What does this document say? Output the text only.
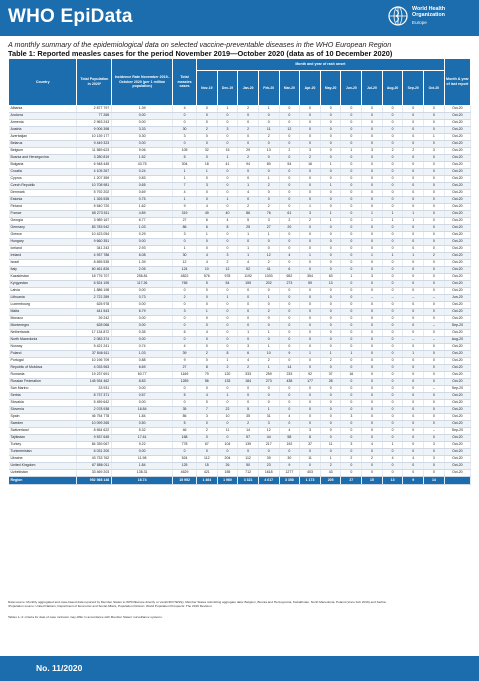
WHO EpiData	World Health
Organization
Europe
A monthly summary of the epidemiological data on selected vaccine-preventable diseases in the WHO European Region
Table 1: Reported measles cases for the period November 2019—October 2020 (data as of 10 December 2020)
Country	Total Population in 2020¹	Incidence Rate November 2019–October 2020 (per 1 million population)	Total measles cases	Month and year of rash onset												Month & year of last report
				Nov-19	Dec-19	Jan-20	Feb-20	Mar-20	Apr-20	May-20	Jun-20	Jul-20	Aug-20	Sep-20	Oct-20	
Albania	2 877 797	1.39	4	0	1	2	1	0	0	0	0	0	0	0	0	Oct-20
Andorra	77 265	0.00	0	0	0	0	0	0	0	0	0	0	0	0	0	Oct-20
Armenia	2 963 243	0.00	0	0	0	0	0	0	0	0	0	0	0	0	0	Oct-20
Austria	9 006 398	3.33	30	2	3	2	11	12	0	0	0	0	0	0	0	Oct-20
Azerbaijan	10 139 177	0.30	3	0	0	0	2	0	0	0	0	0	0	0	1	Oct-20
Belarus	9 449 323	0.00	0	0	0	0	0	0	0	0	0	0	0	0	0	Oct-20
Belgium	11 589 623	9.06	105	32	15	29	13	2	3	0	1	3	2	2	3	Oct-20
Bosnia and Herzegovina	3 280 819	1.52	5	0	1	2	0	0	2	0	0	0	0	0	0	Oct-20
Bulgaria	6 948 445	43.75	304	18	41	94	80	54	16	1	0	0	0	0	0	Oct-20
Croatia	4 105 267	0.24	1	1	0	0	0	0	0	0	0	0	0	0	0	Oct-20
Cyprus	1 207 359	0.83	1	0	0	0	1	0	0	0	0	0	0	0	0	Oct-20
Czech Republic	10 708 981	0.65	7	3	0	1	2	0	0	1	0	0	0	0	0	Oct-20
Denmark	5 792 202	0.69	4	0	0	4	0	0	0	0	0	0	0	0	0	Oct-20
Estonia	1 326 535	0.75	1	0	1	0	0	0	0	0	0	0	0	0	0	Oct-20
Finland	5 540 720	1.62	9	4	0	2	2	0	1	0	0	0	0	0	0	Oct-20
France	65 273 511	4.89	319	49	40	86	76	61	3	1	0	1	1	1	0	Oct-20
Georgia	3 989 167	6.77	27	6	4	5	3	2	2	1	0	1	1	1	0	Oct-20
Germany	83 783 942	1.03	86	6	8	25	27	20	0	0	0	0	0	0	0	Oct-20
Greece	10 423 054	0.29	3	1	0	1	1	0	0	0	0	0	0	0	0	Oct-20
Hungary	9 660 351	0.00	0	0	0	0	0	0	0	0	0	0	0	0	0	Oct-20
Iceland	341 243	2.93	1	0	0	1	0	0	0	0	0	0	0	0	0	Oct-20
Ireland	4 937 786	6.08	30	4	3	1	12	4	1	0	0	1	1	1	2	Oct-20
Israel	8 655 535	1.39	12	4	2	4	2	0	0	0	0	0	0	0	0	Oct-20
Italy	60 461 826	2.05	124	10	12	52	41	6	0	0	0	0	0	0	0	Oct-20
Kazakhstan	18 776 707	256.81	4822	576	978	1192	1003	652	354	63	1	3	0	0	0	Oct-20
Kyrgyzstan	6 524 195	117.26	765	5	54	159	202	273	59	13	0	0	0	0	0	Oct-20
Latvia	1 886 198	0.00	0	0	0	0	0	0	0	0	0	0	0	0	0	Oct-20
Lithuania	2 722 289	0.73	2	0	1	0	1	0	0	0	0	–	–	–	–	Jun-20
Luxembourg	625 978	0.00	0	0	0	0	0	0	0	0	0	0	0	0	0	Oct-20
Malta	441 543	6.79	3	1	0	0	2	0	0	0	0	0	0	0	0	Oct-20
Monaco	39 242	0.00	0	0	0	0	0	0	0	0	0	0	0	0	0	Oct-20
Montenegro	628 066	0.00	0	0	0	0	0	0	0	0	0	0	0	0	–	Sep-20
Netherlands	17 134 872	0.35	6	4	0	1	1	0	0	0	0	0	0	0	0	Oct-20
North Macedonia	2 083 374	0.00	0	0	0	0	0	0	0	0	0	0	0	–	–	Aug-20
Norway	5 421 241	0.74	4	0	0	3	1	0	0	0	0	0	0	0	0	Oct-20
Poland	37 846 611	1.03	39	2	8	6	10	9	1	1	1	0	0	1	0	Oct-20
Portugal	10 196 709	0.88	9	0	1	4	2	0	0	2	0	0	0	0	0	Oct-20
Republic of Moldova	4 033 963	6.69	27	8	2	2	1	14	0	0	0	0	0	0	0	Oct-20
Romania	19 237 691	60.77	1169	79	120	333	259	233	92	37	16	0	0	0	0	Oct-20
Russian Federation	145 934 462	8.83	1289	56	133	184	273	438	177	28	0	0	0	0	0	Oct-20
San Marino	33 931	0.00	0	0	0	0	0	0	0	0	0	0	0	0	–	Sep-20
Serbia	8 737 371	0.57	5	4	1	0	0	0	0	0	0	0	0	0	0	Oct-20
Slovakia	5 459 642	0.00	0	0	0	0	0	0	0	0	0	0	0	0	0	Oct-20
Slovenia	2 078 938	16.84	35	7	22	5	1	0	0	0	0	0	0	0	0	Oct-20
Spain	46 754 778	1.84	86	3	10	35	31	4	0	0	3	0	0	0	0	Oct-20
Sweden	10 099 265	0.50	5	0	0	2	3	0	0	0	0	0	0	0	0	Oct-20
Switzerland	8 654 622	5.32	46	2	11	14	12	4	3	0	0	0	0	0	–	Sep-20
Tajikistan	9 537 645	17.61	168	0	0	57	44	58	8	0	0	0	0	0	0	Oct-20
Turkey	84 339 067	9.22	778	67	104	139	217	192	37	11	3	4	1	0	3	Oct-20
Turkmenistan	6 031 200	0.00	0	0	0	0	0	0	0	0	0	0	0	0	0	Oct-20
Ukraine	43 733 762	11.98	524	112	204	112	39	30	11	1	2	2	4	4	3	Oct-20
United Kingdom	67 886 011	1.84	125	15	26	50	23	9	0	2	0	0	0	0	0	Oct-20
Uzbekistan	33 469 203	138.31	4629	421	155	712	1618	1277	403	43	0	0	0	0	0	Oct-20
Region	952 568 148	16.74	15 952	1 464	1 960	3 321	4 017	3 358	1 173	205	27	15	13	9	14	
Data source: Monthly aggregated and case-based data reported by Member States to WHO/Europe directly or via ECDC/TESSy. Member States submitting aggregate data: Belgium, Bosnia and Herzegovina, Kazakhstan, North Macedonia, Poland (since Feb 2019) and Serbia.
¹Population source: United Nations, Department of Economic and Social Affairs, Population Division. World Population Prospects: The 2019 Revision.
Tables 1–4: criteria for date of case inclusion may differ in accordance with Member States' surveillance systems.
No. 11/2020
